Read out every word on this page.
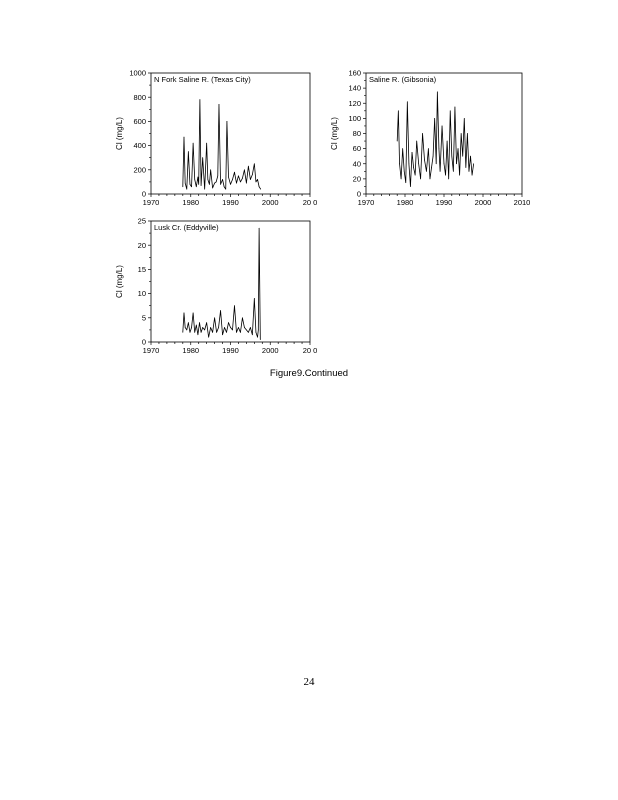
1970	1980	1990	2000	20 0
0
200
400
600
800
1000
Cl (mg/L)
N Fork Saline R. (Texas City)
1970	1980	1990	2000	2010
0
20
40
60
80
100
120
140
160
Cl (mg/L)
Saline R. (Gibsonia)
1970	1980	1990	2000	20 0
0
5
10
15
20
25
Cl (mg/L)
Lusk Cr. (Eddyville)
Figure9.Continued
24
